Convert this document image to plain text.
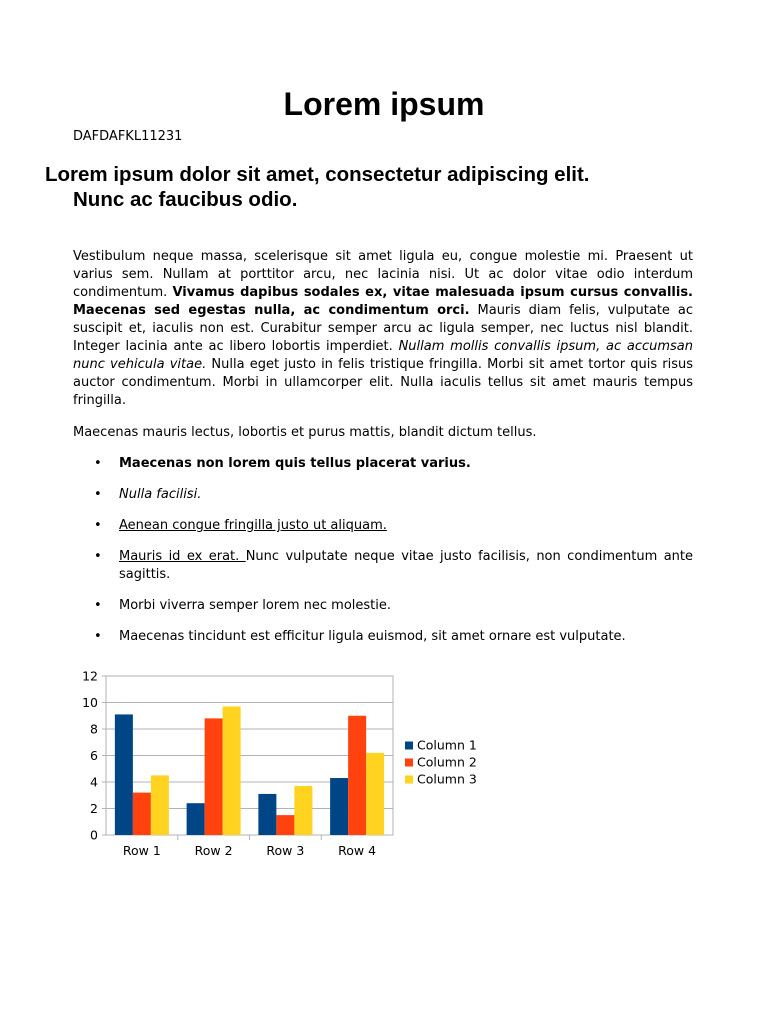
Lorem ipsum
DAFDAFKL11231
Lorem ipsum dolor sit amet, consectetur adipiscing elit.
Nunc ac faucibus odio.

Vestibulum neque massa, scelerisque sit amet ligula eu, congue molestie mi. Praesent ut varius sem. Nullam at porttitor arcu, nec lacinia nisi. Ut ac dolor vitae odio interdum condimentum. Vivamus dapibus sodales ex, vitae malesuada ipsum cursus convallis. Maecenas sed egestas nulla, ac condimentum orci. Mauris diam felis, vulputate ac suscipit et, iaculis non est. Curabitur semper arcu ac ligula semper, nec luctus nisl blandit. Integer lacinia ante ac libero lobortis imperdiet. Nullam mollis convallis ipsum, ac accumsan nunc vehicula vitae. Nulla eget justo in felis tristique fringilla. Morbi sit amet tortor quis risus auctor condimentum. Morbi in ullamcorper elit. Nulla iaculis tellus sit amet mauris tempus fringilla.

Maecenas mauris lectus, lobortis et purus mattis, blandit dictum tellus.

• Maecenas non lorem quis tellus placerat varius.
• Nulla facilisi.
• Aenean congue fringilla justo ut aliquam.
• Mauris id ex erat. Nunc vulputate neque vitae justo facilisis, non condimentum ante sagittis.
• Morbi viverra semper lorem nec molestie.
• Maecenas tincidunt est efficitur ligula euismod, sit amet ornare est vulputate.
0
2
4
6
8
10
12
Row 1	Row 2	Row 3	Row 4
Column 1
Column 2
Column 3
